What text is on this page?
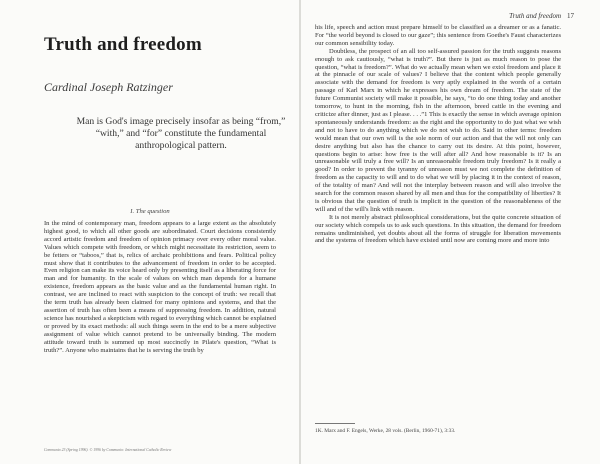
Truth and freedom
Cardinal Joseph Ratzinger
Man is God's image precisely insofar as being “from,” “with,” and “for” constitute the fundamental anthropological pattern.
I. The question

In the mind of contemporary man, freedom appears to a large extent as the absolutely highest good, to which all other goods are subordinated. Court decisions consistently accord artistic freedom and freedom of opinion primacy over every other moral value. Values which compete with freedom, or which might necessitate its restriction, seem to be fetters or “taboos,” that is, relics of archaic prohibitions and fears. Political policy must show that it contributes to the advancement of freedom in order to be accepted. Even religion can make its voice heard only by presenting itself as a liberating force for man and for humanity. In the scale of values on which man depends for a humane existence, freedom appears as the basic value and as the fundamental human right. In contrast, we are inclined to react with suspicion to the concept of truth: we recall that the term truth has already been claimed for many opinions and systems, and that the assertion of truth has often been a means of suppressing freedom. In addition, natural science has nourished a skepticism with regard to everything which cannot be explained or proved by its exact methods: all such things seem in the end to be a mere subjective assignment of value which cannot pretend to be universally binding. The modern attitude toward truth is summed up most succinctly in Pilate's question, “What is truth?”. Anyone who maintains that he is serving the truth by

Communio 23 (Spring 1996). © 1996 by Communio: International Catholic Review
Truth and freedom 17

his life, speech and action must prepare himself to be classified as a dreamer or as a fanatic. For “the world beyond is closed to our gaze”; this sentence from Goethe's Faust characterizes our common sensibility today.

Doubtless, the prospect of an all too self-assured passion for the truth suggests reasons enough to ask cautiously, “what is truth?”. But there is just as much reason to pose the question, “what is freedom?”. What do we actually mean when we extol freedom and place it at the pinnacle of our scale of values? I believe that the content which people generally associate with the demand for freedom is very aptly explained in the words of a certain passage of Karl Marx in which he expresses his own dream of freedom. The state of the future Communist society will make it possible, he says, “to do one thing today and another tomorrow, to hunt in the morning, fish in the afternoon, breed cattle in the evening and criticize after dinner, just as I please. . . .”1 This is exactly the sense in which average opinion spontaneously understands freedom: as the right and the opportunity to do just what we wish and not to have to do anything which we do not wish to do. Said in other terms: freedom would mean that our own will is the sole norm of our action and that the will not only can desire anything but also has the chance to carry out its desire. At this point, however, questions begin to arise: how free is the will after all? And how reasonable is it? Is an unreasonable will truly a free will? Is an unreasonable freedom truly freedom? Is it really a good? In order to prevent the tyranny of unreason must we not complete the definition of freedom as the capacity to will and to do what we will by placing it in the context of reason, of the totality of man? And will not the interplay between reason and will also involve the search for the common reason shared by all men and thus for the compatibility of liberties? It is obvious that the question of truth is implicit in the question of the reasonableness of the will and of the will's link with reason.

It is not merely abstract philosophical considerations, but the quite concrete situation of our society which compels us to ask such questions. In this situation, the demand for freedom remains undiminished, yet doubts about all the forms of struggle for liberation movements and the systems of freedom which have existed until now are coming more and more into

1K. Marx and F. Engels, Werke, 28 vols. (Berlin, 1960-71), 3:33.
